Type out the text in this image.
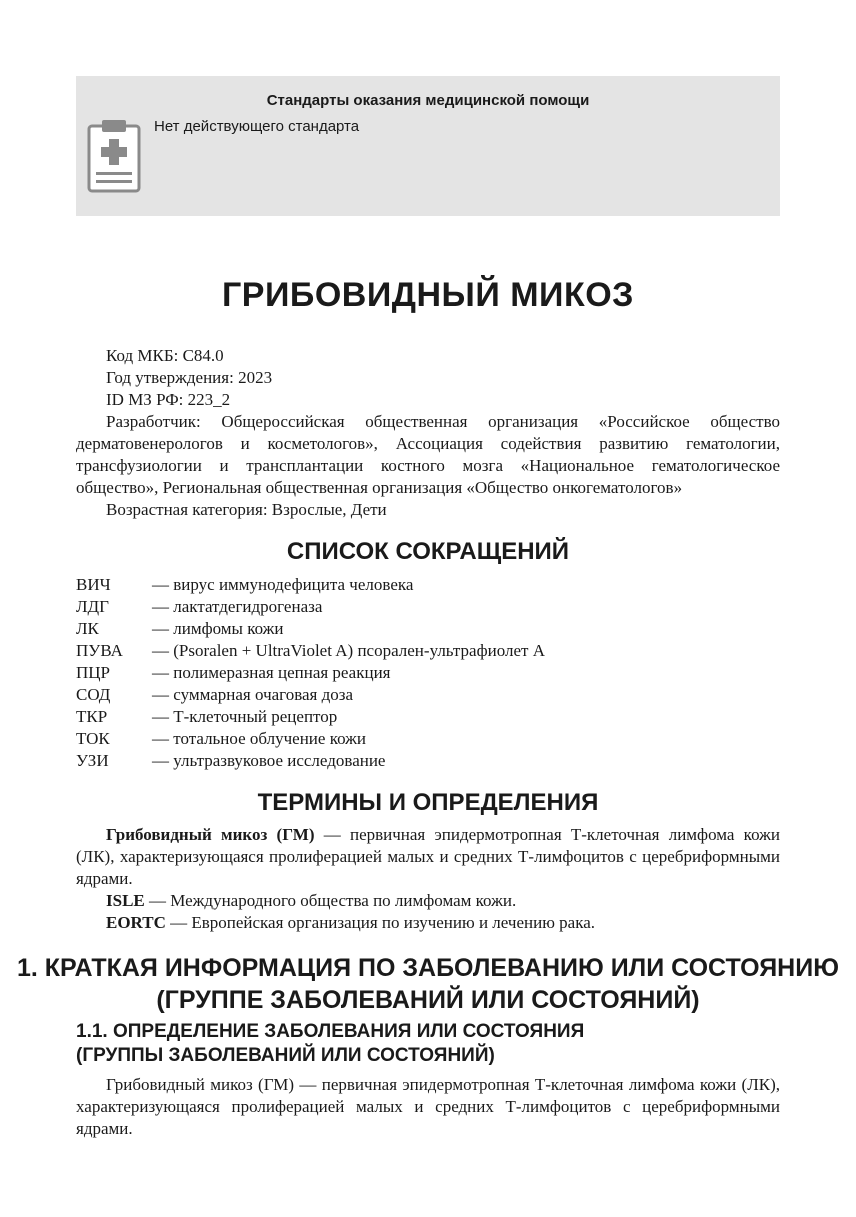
Стандарты оказания медицинской помощи
Нет действующего стандарта
ГРИБОВИДНЫЙ МИКОЗ

Код МКБ: С84.0

Год утверждения: 2023

ID МЗ РФ: 223_2

Разработчик: Общероссийская общественная организация «Российское общество дерматовенерологов и косметологов», Ассоциация содействия развитию гематологии, трансфузиологии и трансплантации костного мозга «Национальное гематологическое общество», Региональная общественная организация «Общество онкогематологов»

Возрастная категория: Взрослые, Дети

СПИСОК СОКРАЩЕНИЙ
ВИЧ	— вирус иммунодефицита человека
ЛДГ	— лактатдегидрогеназа
ЛК	— лимфомы кожи
ПУВА	— (Psoralen + UltraViolet A) псорален-ультрафиолет A
ПЦР	— полимеразная цепная реакция
СОД	— суммарная очаговая доза
ТКР	— Т-клеточный рецептор
ТОК	— тотальное облучение кожи
УЗИ	— ультразвуковое исследование
ТЕРМИНЫ И ОПРЕДЕЛЕНИЯ

Грибовидный микоз (ГМ) — первичная эпидермотропная Т-клеточная лимфома кожи (ЛК), характеризующаяся пролиферацией малых и средних Т-лимфоцитов с церебриформными ядрами.

ISLE — Международного общества по лимфомам кожи.

EORTC — Европейская организация по изучению и лечению рака.

1. КРАТКАЯ ИНФОРМАЦИЯ ПО ЗАБОЛЕВАНИЮ ИЛИ СОСТОЯНИЮ
(ГРУППЕ ЗАБОЛЕВАНИЙ ИЛИ СОСТОЯНИЙ)
1.1. ОПРЕДЕЛЕНИЕ ЗАБОЛЕВАНИЯ ИЛИ СОСТОЯНИЯ
(ГРУППЫ ЗАБОЛЕВАНИЙ ИЛИ СОСТОЯНИЙ)

Грибовидный микоз (ГМ) — первичная эпидермотропная Т-клеточная лимфома кожи (ЛК), характеризующаяся пролиферацией малых и средних Т-лимфоцитов с церебриформными ядрами.
